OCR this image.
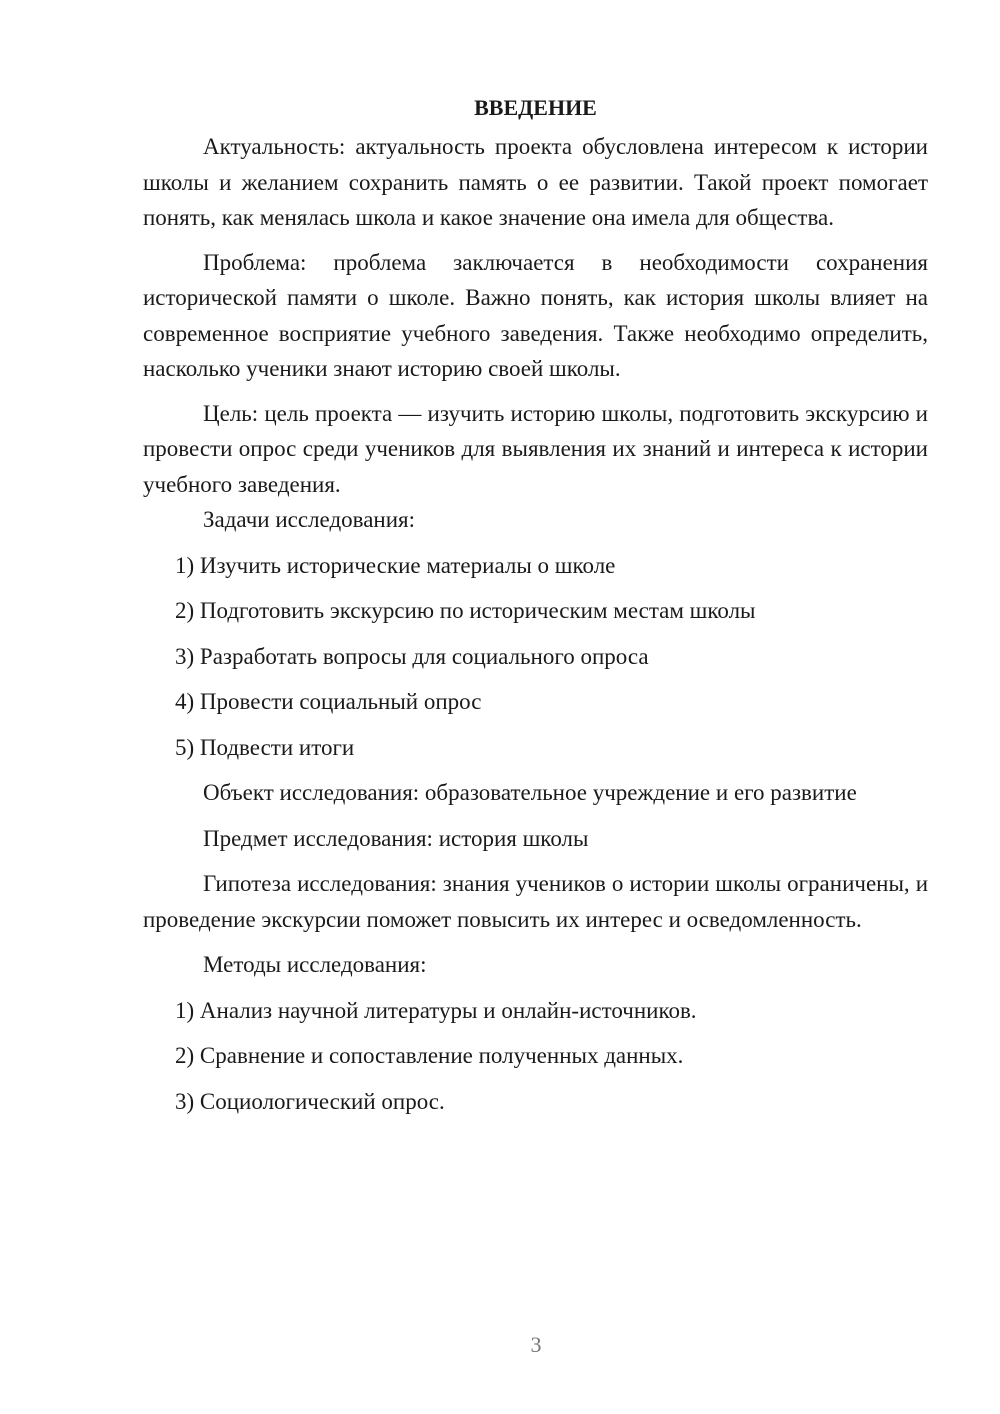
ВВЕДЕНИЕ

Актуальность: актуальность проекта обусловлена интересом к истории школы и желанием сохранить память о ее развитии. Такой проект помогает понять, как менялась школа и какое значение она имела для общества.

Проблема: проблема заключается в необходимости сохранения исторической памяти о школе. Важно понять, как история школы влияет на современное восприятие учебного заведения. Также необходимо определить, насколько ученики знают историю своей школы.

Цель: цель проекта — изучить историю школы, подготовить экскурсию и провести опрос среди учеников для выявления их знаний и интереса к истории учебного заведения.

Задачи исследования:

1) Изучить исторические материалы о школе

2) Подготовить экскурсию по историческим местам школы

3) Разработать вопросы для социального опроса

4) Провести социальный опрос

5) Подвести итоги

Объект исследования: образовательное учреждение и его развитие

Предмет исследования: история школы

Гипотеза исследования: знания учеников о истории школы ограничены, и проведение экскурсии поможет повысить их интерес и осведомленность.

Методы исследования:

1) Анализ научной литературы и онлайн-источников.

2) Сравнение и сопоставление полученных данных.

3) Социологический опрос.

3
